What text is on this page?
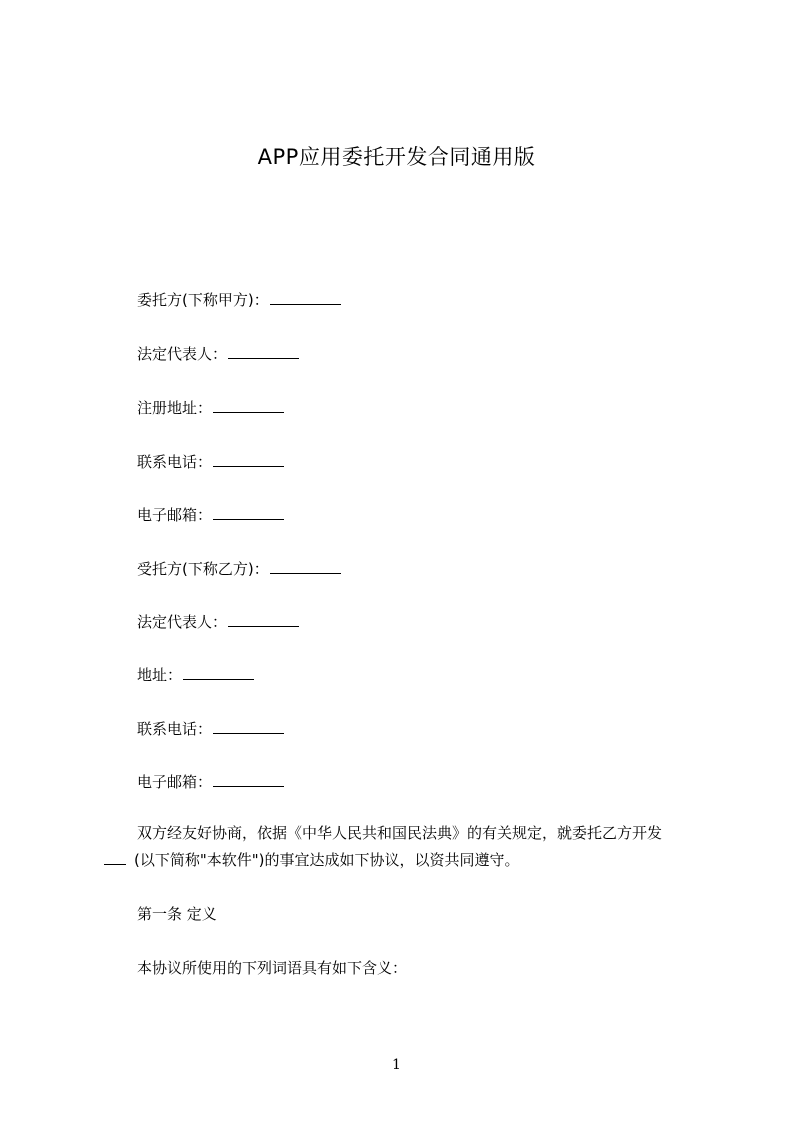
APP应用委托开发合同通用版
委托方(下称甲方)：
法定代表人：
注册地址：
联系电话：
电子邮箱：
受托方(下称乙方)：
法定代表人：
地址：
联系电话：
电子邮箱：
双方经友好协商，依据《中华人民共和国民法典》的有关规定，就委托乙方开发
(以下简称"本软件")的事宜达成如下协议，以资共同遵守。
第一条 定义
本协议所使用的下列词语具有如下含义：
1
